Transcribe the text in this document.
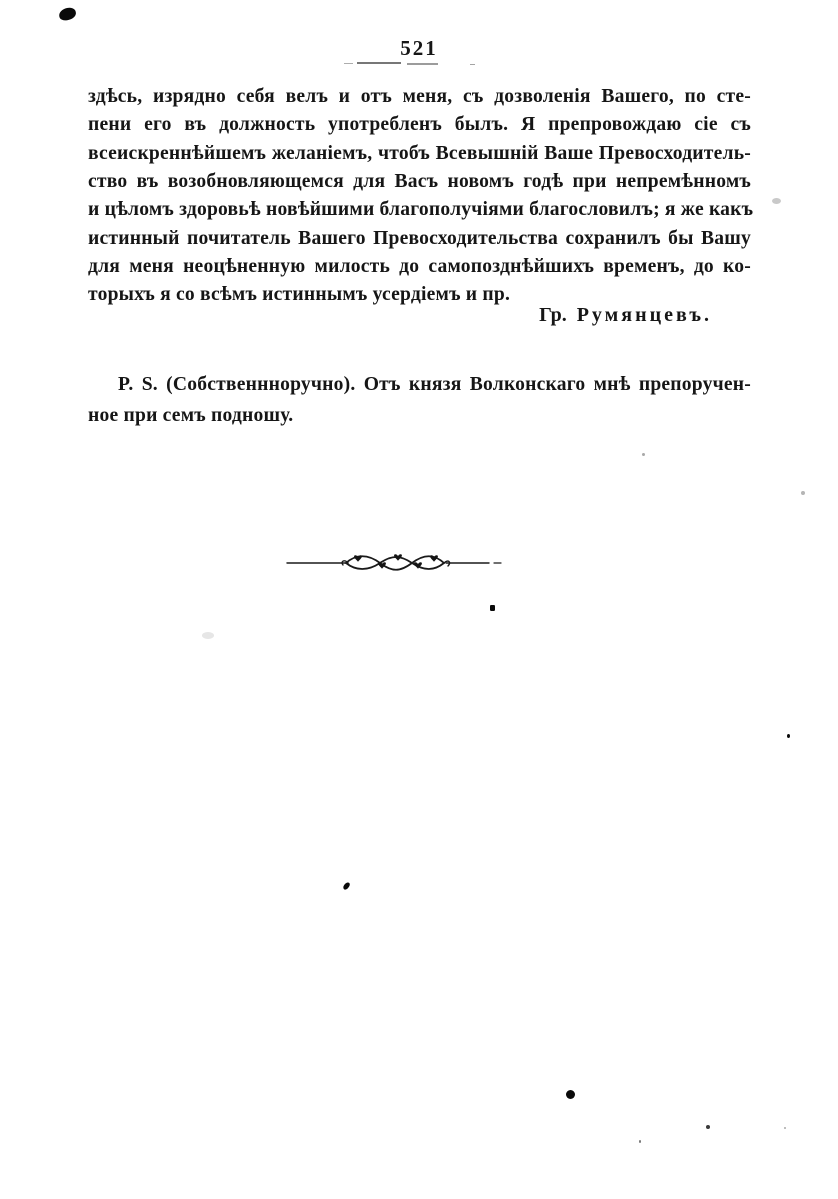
521
здѣсь, изрядно себя велъ и отъ меня, съ дозволенія Вашего, по сте-
пени его въ должность употребленъ былъ. Я препровождаю сіе съ
всеискреннѣйшемъ желаніемъ, чтобъ Всевышній Ваше Превосходитель-
ство въ возобновляющемся для Васъ новомъ годѣ при непремѣнномъ
и цѣломъ здоровьѣ новѣйшими благополучіями благословилъ; я же какъ
истинный почитатель Вашего Превосходительства сохранилъ бы Вашу
для меня неоцѣненную милость до самопозднѣйшихъ временъ, до ко-
торыхъ я со всѣмъ истиннымъ усердіемъ и пр.
Гр. Румянцевъ.
P. S. (Собственнноручно). Отъ князя Волконскаго мнѣ препоручен-
ное при семъ подношу.
